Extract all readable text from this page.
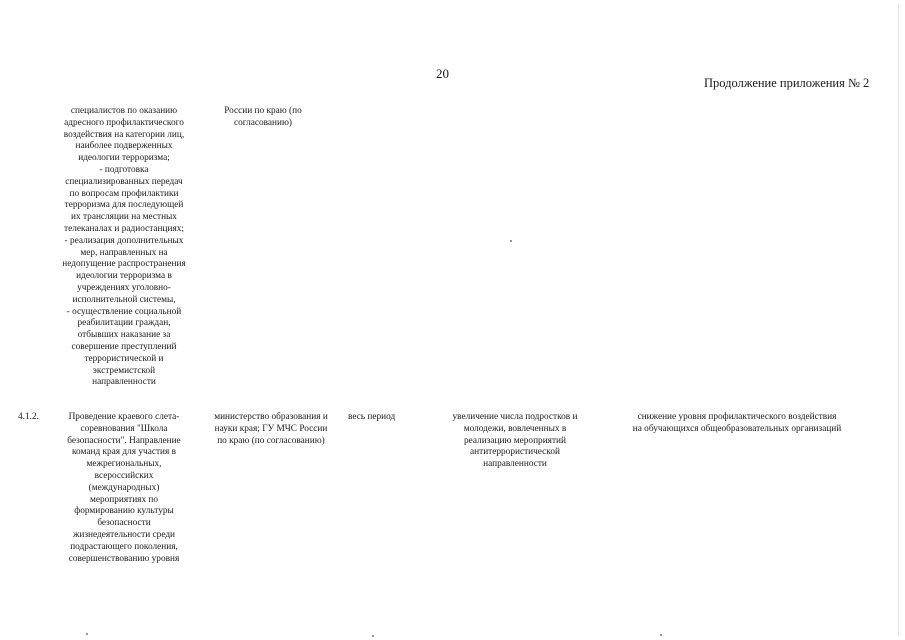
20
Продолжение приложения № 2
специалистов по оказанию
адресного профилактического
воздействия на категории лиц,
наиболее подверженных
идеологии терроризма;
- подготовка
специализированных передач
по вопросам профилактики
терроризма для последующей
их трансляции на местных
телеканалах и радиостанциях;
- реализация дополнительных
мер, направленных на
недопущение распространения
идеологии терроризма в
учреждениях уголовно-
исполнительной системы,
- осуществление социальной
реабилитации граждан,
отбывших наказание за
совершение преступлений
террористической и
экстремистской
направленности
России по краю (по
согласованию)
4.1.2.	Проведение краевого слета-
соревнования "Школа
безопасности". Направление
команд края для участия в
межрегиональных,
всероссийских
(международных)
мероприятиях по
формированию культуры
безопасности
жизнедеятельности среди
подрастающего поколения,
совершенствованию уровня
министерство образования и
науки края; ГУ МЧС России
по краю (по согласованию)
весь период	увеличение числа подростков и
молодежи, вовлеченных в
реализацию мероприятий
антитеррористической
направленности
снижение уровня профилактического воздействия
на обучающихся общеобразовательных организаций
